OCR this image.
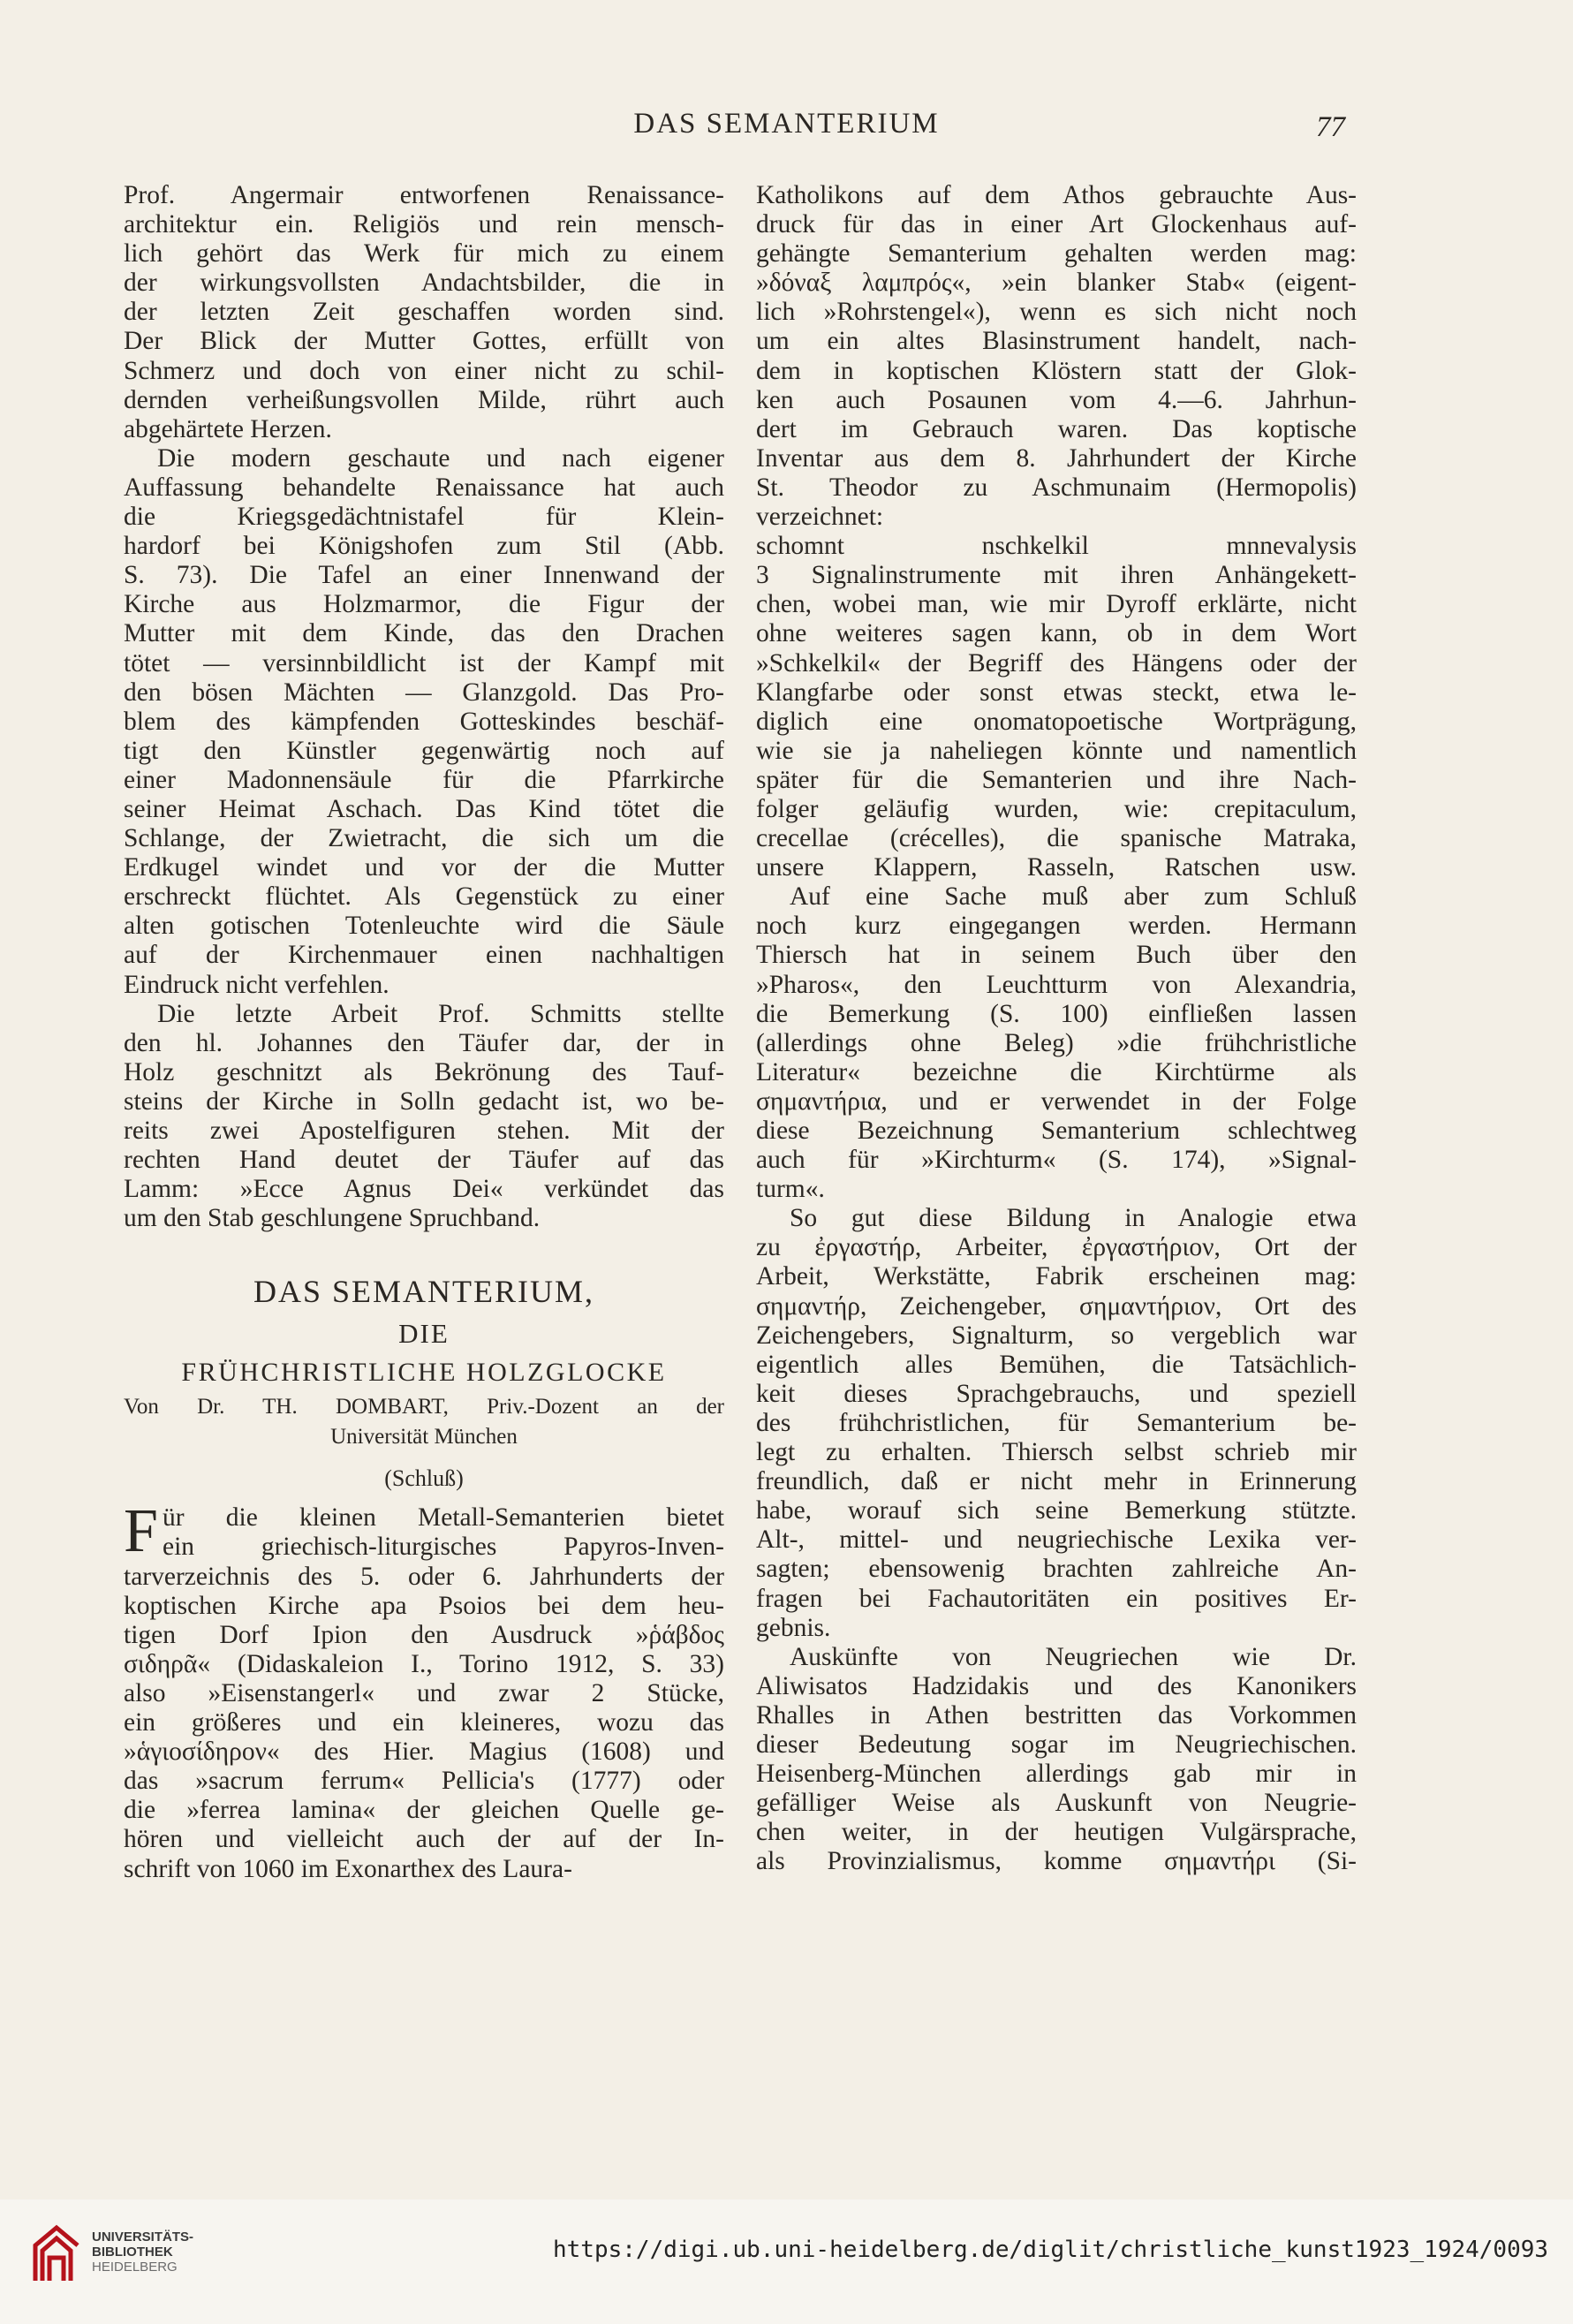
DAS SEMANTERIUM	77
Prof. Angermair entworfenen Renaissance-
architektur ein. Religiös und rein mensch-
lich gehört das Werk für mich zu einem
der wirkungsvollsten Andachtsbilder, die in
der letzten Zeit geschaffen worden sind.
Der Blick der Mutter Gottes, erfüllt von
Schmerz und doch von einer nicht zu schil-
dernden verheißungsvollen Milde, rührt auch
abgehärtete Herzen.
Die modern geschaute und nach eigener
Auffassung behandelte Renaissance hat auch
die Kriegsgedächtnistafel für Klein-
hardorf bei Königshofen zum Stil (Abb.
S. 73). Die Tafel an einer Innenwand der
Kirche aus Holzmarmor, die Figur der
Mutter mit dem Kinde, das den Drachen
tötet — versinnbildlicht ist der Kampf mit
den bösen Mächten — Glanzgold. Das Pro-
blem des kämpfenden Gotteskindes beschäf-
tigt den Künstler gegenwärtig noch auf
einer Madonnensäule für die Pfarrkirche
seiner Heimat Aschach. Das Kind tötet die
Schlange, der Zwietracht, die sich um die
Erdkugel windet und vor der die Mutter
erschreckt flüchtet. Als Gegenstück zu einer
alten gotischen Totenleuchte wird die Säule
auf der Kirchenmauer einen nachhaltigen
Eindruck nicht verfehlen.
Die letzte Arbeit Prof. Schmitts stellte
den hl. Johannes den Täufer dar, der in
Holz geschnitzt als Bekrönung des Tauf-
steins der Kirche in Solln gedacht ist, wo be-
reits zwei Apostelfiguren stehen. Mit der
rechten Hand deutet der Täufer auf das
Lamm: »Ecce Agnus Dei« verkündet das
um den Stab geschlungene Spruchband.
DAS SEMANTERIUM,
DIE
FRÜHCHRISTLICHE HOLZGLOCKE
Von Dr. TH. DOMBART, Priv.-Dozent an der
Universität München
(Schluß)
F ür die kleinen Metall-Semanterien bietet
ein griechisch-liturgisches Papyros-Inven-
tarverzeichnis des 5. oder 6. Jahrhunderts der
koptischen Kirche apa Psoios bei dem heu-
tigen Dorf Ipion den Ausdruck »ῥάβδος
σιδηρᾶ« (Didaskaleion I., Torino 1912, S. 33)
also »Eisenstangerl« und zwar 2 Stücke,
ein größeres und ein kleineres, wozu das
»ἁγιοσίδηρον« des Hier. Magius (1608) und
das »sacrum ferrum« Pellicia's (1777) oder
die »ferrea lamina« der gleichen Quelle ge-
hören und vielleicht auch der auf der In-
schrift von 1060 im Exonarthex des Laura-
Katholikons auf dem Athos gebrauchte Aus-
druck für das in einer Art Glockenhaus auf-
gehängte Semanterium gehalten werden mag:
»δόναξ λαμπρός«, »ein blanker Stab« (eigent-
lich »Rohrstengel«), wenn es sich nicht noch
um ein altes Blasinstrument handelt, nach-
dem in koptischen Klöstern statt der Glok-
ken auch Posaunen vom 4.—6. Jahrhun-
dert im Gebrauch waren. Das koptische
Inventar aus dem 8. Jahrhundert der Kirche
St. Theodor zu Aschmunaim (Hermopolis)
verzeichnet:
schomnt nschkelkil mnnevalysis
3 Signalinstrumente mit ihren Anhängekett-
chen, wobei man, wie mir Dyroff erklärte, nicht
ohne weiteres sagen kann, ob in dem Wort
»Schkelkil« der Begriff des Hängens oder der
Klangfarbe oder sonst etwas steckt, etwa le-
diglich eine onomatopoetische Wortprägung,
wie sie ja naheliegen könnte und namentlich
später für die Semanterien und ihre Nach-
folger geläufig wurden, wie: crepitaculum,
crecellae (crécelles), die spanische Matraka,
unsere Klappern, Rasseln, Ratschen usw.
Auf eine Sache muß aber zum Schluß
noch kurz eingegangen werden. Hermann
Thiersch hat in seinem Buch über den
»Pharos«, den Leuchtturm von Alexandria,
die Bemerkung (S. 100) einfließen lassen
(allerdings ohne Beleg) »die frühchristliche
Literatur« bezeichne die Kirchtürme als
σημαντήρια, und er verwendet in der Folge
diese Bezeichnung Semanterium schlechtweg
auch für »Kirchturm« (S. 174), »Signal-
turm«.
So gut diese Bildung in Analogie etwa
zu ἐργαστήρ, Arbeiter, ἐργαστήριον, Ort der
Arbeit, Werkstätte, Fabrik erscheinen mag:
σημαντήρ, Zeichengeber, σημαντήριον, Ort des
Zeichengebers, Signalturm, so vergeblich war
eigentlich alles Bemühen, die Tatsächlich-
keit dieses Sprachgebrauchs, und speziell
des frühchristlichen, für Semanterium be-
legt zu erhalten. Thiersch selbst schrieb mir
freundlich, daß er nicht mehr in Erinnerung
habe, worauf sich seine Bemerkung stützte.
Alt-, mittel- und neugriechische Lexika ver-
sagten; ebensowenig brachten zahlreiche An-
fragen bei Fachautoritäten ein positives Er-
gebnis.
Auskünfte von Neugriechen wie Dr.
Aliwisatos Hadzidakis und des Kanonikers
Rhalles in Athen bestritten das Vorkommen
dieser Bedeutung sogar im Neugriechischen.
Heisenberg-München allerdings gab mir in
gefälliger Weise als Auskunft von Neugrie-
chen weiter, in der heutigen Vulgärsprache,
als Provinzialismus, komme σημαντήρι (Si-
UNIVERSITÄTS-
BIBLIOTHEK
HEIDELBERG
https://digi.ub.uni-heidelberg.de/diglit/christliche_kunst1923_1924/0093
